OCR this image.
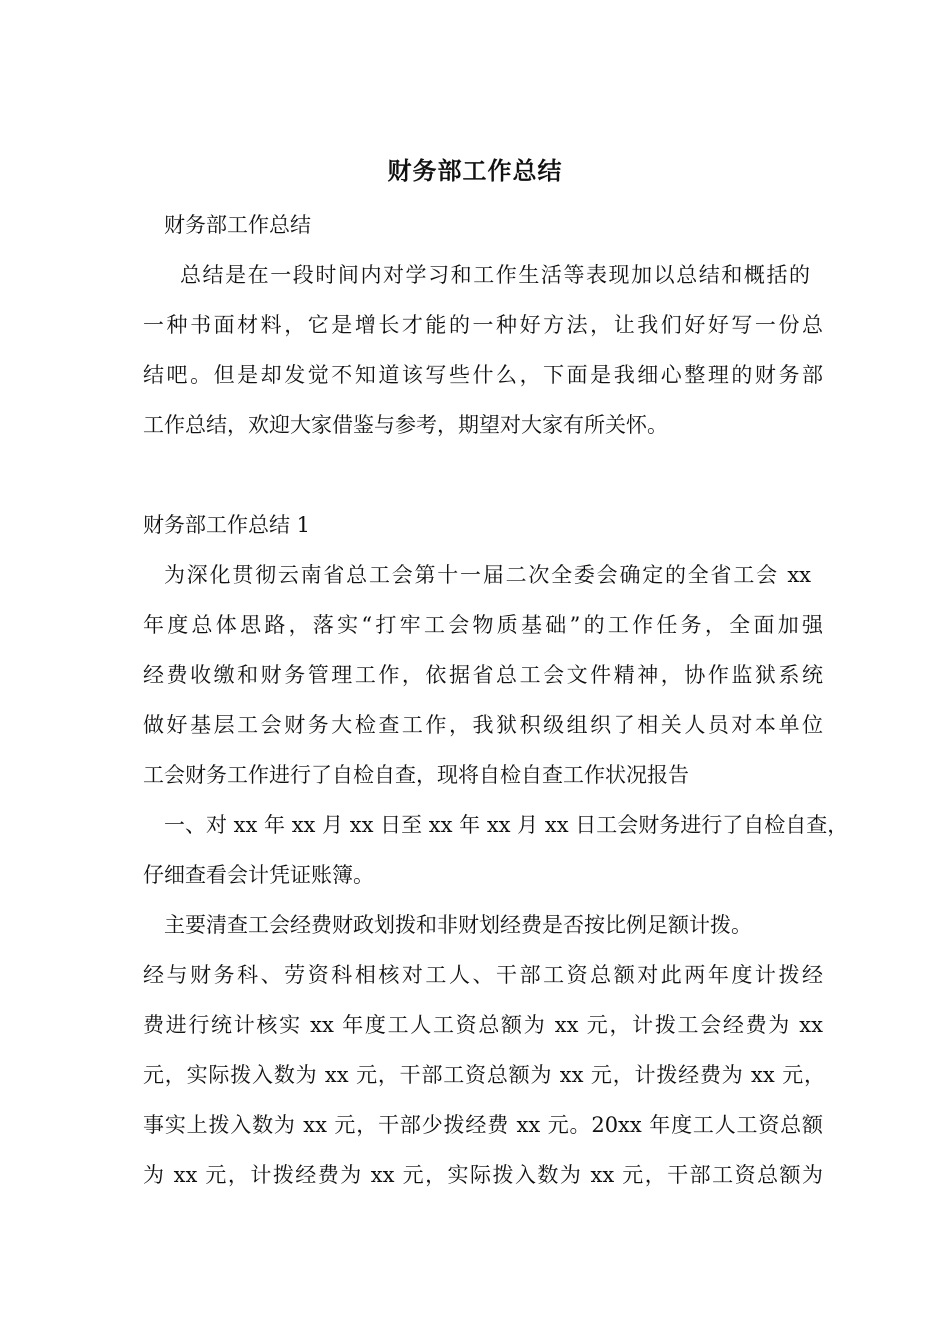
财务部工作总结
财务部工作总结
总结是在一段时间内对学习和工作生活等表现加以总结和概括的
一种书面材料，它是增长才能的一种好方法，让我们好好写一份总
结吧。但是却发觉不知道该写些什么，下面是我细心整理的财务部
工作总结，欢迎大家借鉴与参考，期望对大家有所关怀。
财务部工作总结 1
为深化贯彻云南省总工会第十一届二次全委会确定的全省工会 xx
年度总体思路，落实“打牢工会物质基础”的工作任务，全面加强
经费收缴和财务管理工作，依据省总工会文件精神，协作监狱系统
做好基层工会财务大检查工作，我狱积级组织了相关人员对本单位
工会财务工作进行了自检自查，现将自检自查工作状况报告
一、对 xx 年 xx 月 xx 日至 xx 年 xx 月 xx 日工会财务进行了自检自查，
仔细查看会计凭证账簿。
主要清查工会经费财政划拨和非财划经费是否按比例足额计拨。
经与财务科、劳资科相核对工人、干部工资总额对此两年度计拨经
费进行统计核实 xx 年度工人工资总额为 xx 元，计拨工会经费为 xx
元，实际拨入数为 xx 元，干部工资总额为 xx 元，计拨经费为 xx 元，
事实上拨入数为 xx 元，干部少拨经费 xx 元。20xx 年度工人工资总额
为 xx 元，计拨经费为 xx 元，实际拨入数为 xx 元，干部工资总额为
